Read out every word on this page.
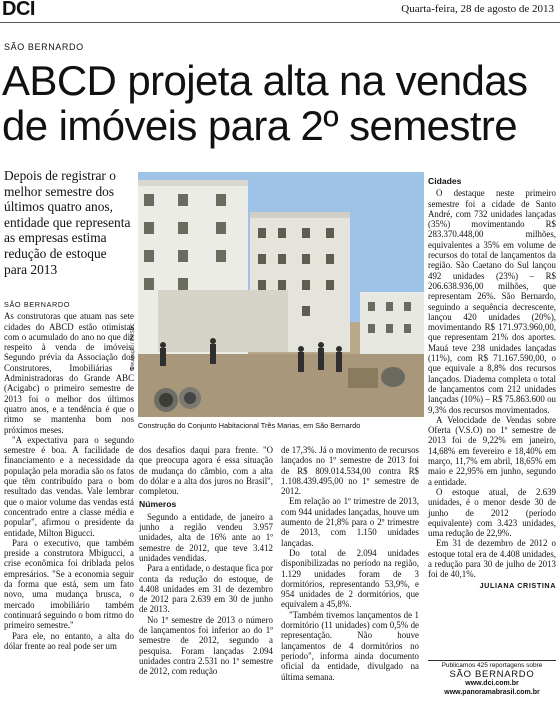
DCI	Quarta-feira, 28 de agosto de 2013
SÃO BERNARDO
ABCD projeta alta na vendas de imóveis para 2º semestre
Depois de registrar o melhor semestre dos últimos quatro anos, entidade que representa as empresas estima redução de estoque para 2013
Divulgação / PMSBC
Construção do Conjunto Habitacional Três Marias, em São Bernardo

SÃO BERNARDO

As construtoras que atuam nas sete cidades do ABCD estão otimistas com o acumulado do ano no que diz respeito à venda de imóveis. Segundo prévia da Associação dos Construtores, Imobiliárias e Administradoras do Grande ABC (Acigabc) o primeiro semestre de 2013 foi o melhor dos últimos quatro anos, e a tendência é que o ritmo se mantenha bom nos próximos meses.

"A expectativa para o segundo semestre é boa. A facilidade de financiamento e a necessidade da população pela moradia são os fatos que têm contribuído para o bom resultado das vendas. Vale lembrar que o maior volume das vendas está concentrado entre a classe média e popular", afirmou o presidente da entidade, Milton Bigucci.

Para o executivo, que também preside a construtora Mbigucci, a crise econômica foi driblada pelos empresários. "Se a economia seguir da forma que está, sem um fato novo, uma mudança brusca, o mercado imobiliário também continuará seguindo o bom ritmo do primeiro semestre."

Para ele, no entanto, a alta do dólar frente ao real pode ser um

dos desafios daqui para frente. "O que preocupa agora é essa situação de mudança do câmbio, com a alta do dólar e a alta dos juros no Brasil", completou.

Números

Segundo a entidade, de janeiro a junho a região vendeu 3.957 unidades, alta de 16% ante ao 1º semestre de 2012, que teve 3.412 unidades vendidas.

Para a entidade, o destaque fica por conta da redução do estoque, de 4.408 unidades em 31 de dezembro de 2012 para 2.639 em 30 de junho de 2013.

No 1º semestre de 2013 o número de lançamentos foi inferior ao do 1º semestre de 2012, segundo a pesquisa. Foram lançadas 2.094 unidades contra 2.531 no 1º semestre de 2012, com redução

de 17,3%. Já o movimento de recursos lançados no 1º semestre de 2013 foi de R$ 809.014.534,00 contra R$ 1.108.439.495,00 no 1º semestre de 2012.

Em relação ao 1º trimestre de 2013, com 944 unidades lançadas, houve um aumento de 21,8% para o 2º trimestre de 2013, com 1.150 unidades lançadas.

Do total de 2.094 unidades disponibilizadas no período na região, 1.129 unidades foram de 3 dormitórios, representando 53,9%, e 954 unidades de 2 dormitórios, que equivalem a 45,8%.

"Também tivemos lançamentos de 1 dormitório (11 unidades) com 0,5% de representação. Não houve lançamentos de 4 dormitórios no período", informa ainda documento oficial da entidade, divulgado na última semana.

Cidades

O destaque neste primeiro semestre foi a cidade de Santo André, com 732 unidades lançadas (35%) movimentando R$ 283.370.448,00 milhões, equivalentes a 35% em volume de recursos do total de lançamentos da região. São Caetano do Sul lançou 492 unidades (23%) – R$ 206.638.936,00 milhões, que representam 26%. São Bernardo, seguindo a sequência decrescente, lançou 420 unidades (20%), movimentando R$ 171.973.960,00, que representam 21% dos aportes. Mauá teve 238 unidades lançadas (11%), com R$ 71.167.590,00, o que equivale a 8,8% dos recursos lançados. Diadema completa o total de lançamentos com 212 unidades lançadas (10%) – R$ 75.863.600 ou 9,3% dos recursos movimentados.

A Velocidade de Vendas sobre Oferta (V.S.O) no 1º semestre de 2013 foi de 9,22% em janeiro, 14,68% em fevereiro e 18,40% em março, 11,7% em abril, 18,65% em maio e 22,95% em junho, segundo a entidade.

O estoque atual, de 2.639 unidades, é o menor desde 30 de junho de 2012 (período equivalente) com 3.423 unidades, uma redução de 22,9%.

Em 31 de dezembro de 2012 o estoque total era de 4.408 unidades, a redução para 30 de julho de 2013 foi de 40,1%.

JULIANA CRISTINA
Publicamos 425 reportagens sobre
SÃO BERNARDO
www.dci.com.br
www.panoramabrasil.com.br
